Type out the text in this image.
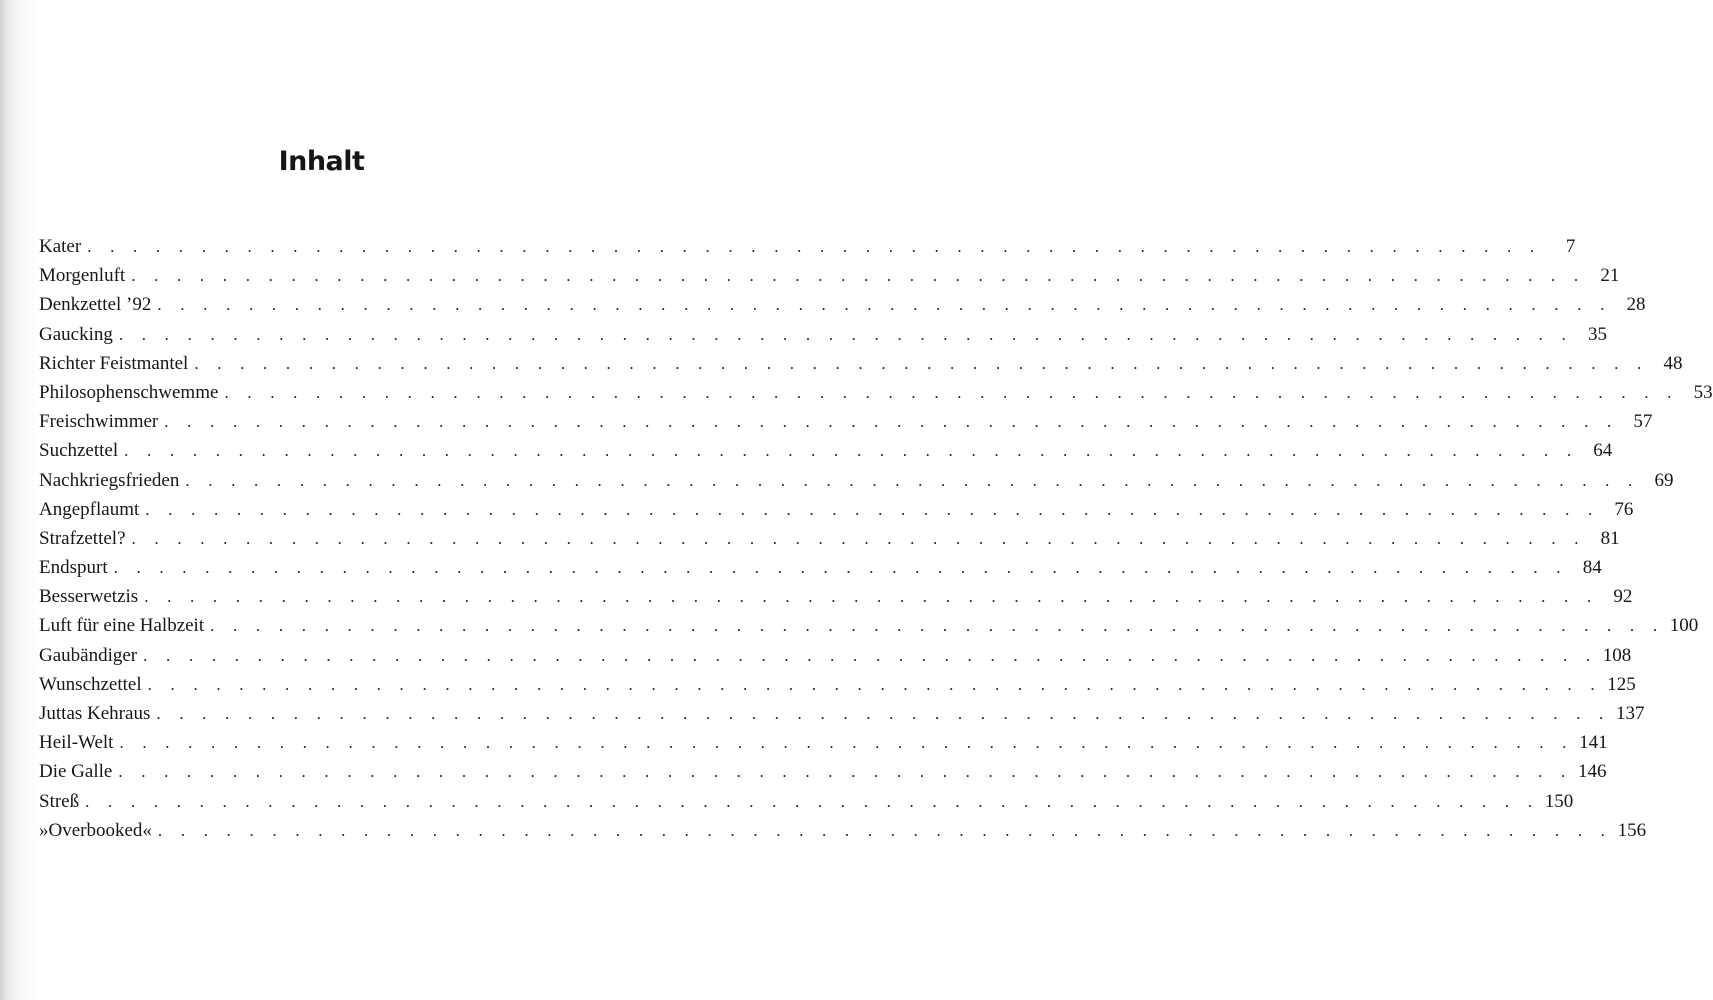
Inhalt
Kater . . . . . . . . . . . . . . . . . . . . . . . . . . . . . . . . . . . . . . . . . . . . . . . . . . . . . . . . . . . . . . . .	7
Morgenluft . . . . . . . . . . . . . . . . . . . . . . . . . . . . . . . . . . . . . . . . . . . . . . . . . . . . . . . . . . . . . . . . 21
Denkzettel ’92 . . . . . . . . . . . . . . . . . . . . . . . . . . . . . . . . . . . . . . . . . . . . . . . . . . . . . . . . . . . . . . . . 28
Gaucking . . . . . . . . . . . . . . . . . . . . . . . . . . . . . . . . . . . . . . . . . . . . . . . . . . . . . . . . . . . . . . . . 35
Richter Feistmantel . . . . . . . . . . . . . . . . . . . . . . . . . . . . . . . . . . . . . . . . . . . . . . . . . . . . . . . . . . . . . . . . 48
Philosophenschwemme . . . . . . . . . . . . . . . . . . . . . . . . . . . . . . . . . . . . . . . . . . . . . . . . . . . . . . . . . . . . . . . . 53
Freischwimmer . . . . . . . . . . . . . . . . . . . . . . . . . . . . . . . . . . . . . . . . . . . . . . . . . . . . . . . . . . . . . . . . 57
Suchzettel . . . . . . . . . . . . . . . . . . . . . . . . . . . . . . . . . . . . . . . . . . . . . . . . . . . . . . . . . . . . . . . . 64
Nachkriegsfrieden . . . . . . . . . . . . . . . . . . . . . . . . . . . . . . . . . . . . . . . . . . . . . . . . . . . . . . . . . . . . . . . . 69
Angepflaumt . . . . . . . . . . . . . . . . . . . . . . . . . . . . . . . . . . . . . . . . . . . . . . . . . . . . . . . . . . . . . . . . 76
Strafzettel? . . . . . . . . . . . . . . . . . . . . . . . . . . . . . . . . . . . . . . . . . . . . . . . . . . . . . . . . . . . . . . . . 81
Endspurt . . . . . . . . . . . . . . . . . . . . . . . . . . . . . . . . . . . . . . . . . . . . . . . . . . . . . . . . . . . . . . . . 84
Besserwetzis . . . . . . . . . . . . . . . . . . . . . . . . . . . . . . . . . . . . . . . . . . . . . . . . . . . . . . . . . . . . . . . . 92
Luft für eine Halbzeit . . . . . . . . . . . . . . . . . . . . . . . . . . . . . . . . . . . . . . . . . . . . . . . . . . . . . . . . . . . . . . . . 100
Gaubändiger . . . . . . . . . . . . . . . . . . . . . . . . . . . . . . . . . . . . . . . . . . . . . . . . . . . . . . . . . . . . . . . . 108
Wunschzettel . . . . . . . . . . . . . . . . . . . . . . . . . . . . . . . . . . . . . . . . . . . . . . . . . . . . . . . . . . . . . . . . 125
Juttas Kehraus . . . . . . . . . . . . . . . . . . . . . . . . . . . . . . . . . . . . . . . . . . . . . . . . . . . . . . . . . . . . . . . . 137
Heil-Welt . . . . . . . . . . . . . . . . . . . . . . . . . . . . . . . . . . . . . . . . . . . . . . . . . . . . . . . . . . . . . . . . 141
Die Galle . . . . . . . . . . . . . . . . . . . . . . . . . . . . . . . . . . . . . . . . . . . . . . . . . . . . . . . . . . . . . . . . 146
Streß . . . . . . . . . . . . . . . . . . . . . . . . . . . . . . . . . . . . . . . . . . . . . . . . . . . . . . . . . . . . . . . . 150
»Overbooked« . . . . . . . . . . . . . . . . . . . . . . . . . . . . . . . . . . . . . . . . . . . . . . . . . . . . . . . . . . . . . . . . 156
